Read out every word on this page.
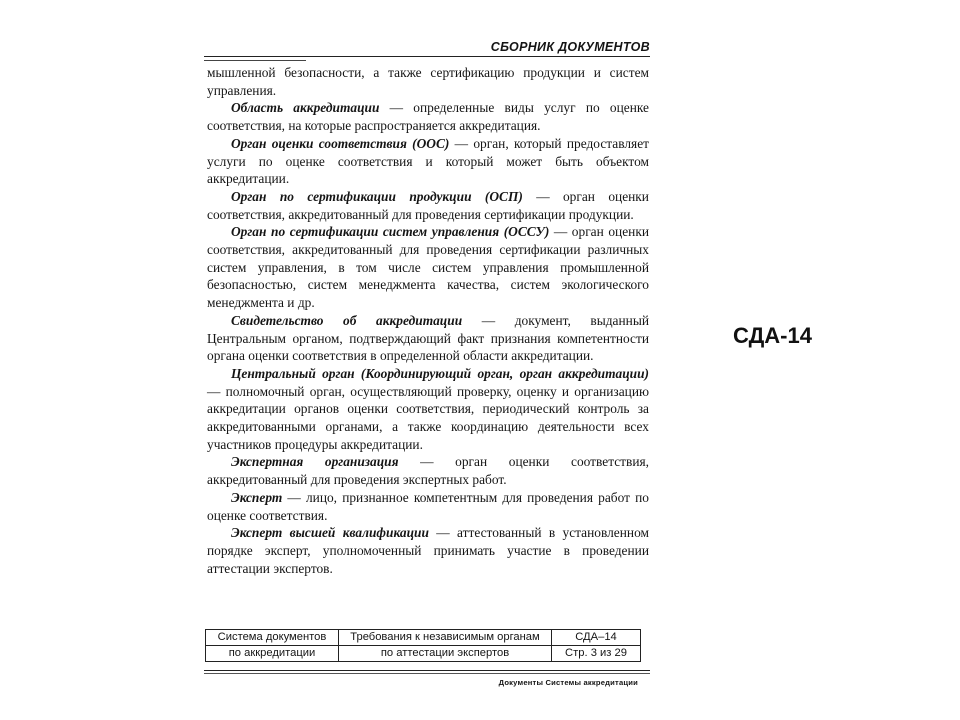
СБОРНИК ДОКУМЕНТОВ

мышленной безопасности, а также сертификацию продукции и систем управления.

Область аккредитации — определенные виды услуг по оценке соответствия, на которые распространяется аккредитация.

Орган оценки соответствия (ООС) — орган, который предоставляет услуги по оценке соответствия и который может быть объектом аккредитации.

Орган по сертификации продукции (ОСП) — орган оценки соответствия, аккредитованный для проведения сертификации продукции.

Орган по сертификации систем управления (ОССУ) — орган оценки соответствия, аккредитованный для проведения сертификации различных систем управления, в том числе систем управления промышленной безопасностью, систем менеджмента качества, систем экологического менеджмента и др.

Свидетельство об аккредитации — документ, выданный Центральным органом, подтверждающий факт признания компетентности органа оценки соответствия в определенной области аккредитации.

Центральный орган (Координирующий орган, орган аккредитации) — полномочный орган, осуществляющий проверку, оценку и организацию аккредитации органов оценки соответствия, периодический контроль за аккредитованными органами, а также координацию деятельности всех участников процедуры аккредитации.

Экспертная организация — орган оценки соответствия, аккредитованный для проведения экспертных работ.

Эксперт — лицо, признанное компетентным для проведения работ по оценке соответствия.

Эксперт высшей квалификации — аттестованный в установленном порядке эксперт, уполномоченный принимать участие в проведении аттестации экспертов.

Система документов	Требования к независимым органам	СДА–14
по аккредитации	по аттестации экспертов	Стр. 3 из 29
Документы Системы аккредитации
СДА-14
